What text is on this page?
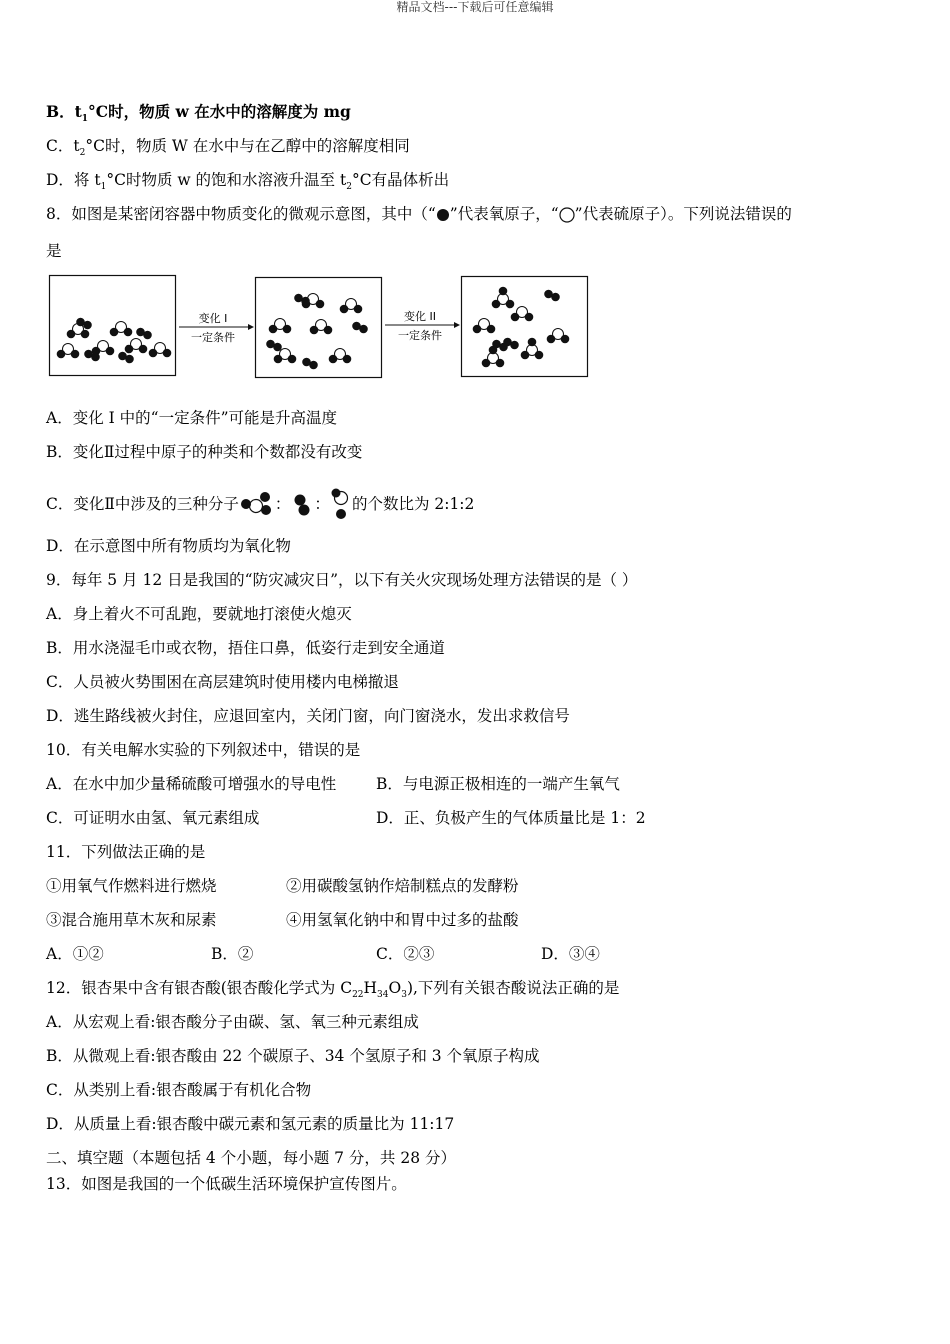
精品文档---下载后可任意编辑
B．$t_1^\circ C$时，物质 w 在水中的溶解度为 mg
C．$t_2^\circ C$时，物质 W 在水中与在乙醇中的溶解度相同
D．将 $t_1^\circ C$时物质 w 的饱和水溶液升温至 $t_2^\circ C$有晶体析出
8．如图是某密闭容器中物质变化的微观示意图，其中（“ ”代表氧原子，“ ”代表硫原子）。下列说法错误的
是
变化 I
一定条件
变化 II
一定条件
A．变化 I 中的“一定条件”可能是升高温度
B．变化Ⅱ过程中原子的种类和个数都没有改变
C．变化Ⅱ中涉及的三种分子 ： ： 的个数比为 2:1:2
D．在示意图中所有物质均为氧化物
9．每年 5 月 12 日是我国的“防灾减灾日”，以下有关火灾现场处理方法错误的是（ ）
A．身上着火不可乱跑，要就地打滚使火熄灭
B．用水浇湿毛巾或衣物，捂住口鼻，低姿行走到安全通道
C．人员被火势围困在高层建筑时使用楼内电梯撤退
D．逃生路线被火封住，应退回室内，关闭门窗，向门窗浇水，发出求救信号
10．有关电解水实验的下列叙述中，错误的是
A．在水中加少量稀硫酸可增强水的导电性	B．与电源正极相连的一端产生氧气
C．可证明水由氢、氧元素组成	D．正、负极产生的气体质量比是 1：2
11．下列做法正确的是
①用氧气作燃料进行燃烧	②用碳酸氢钠作焙制糕点的发酵粉
③混合施用草木灰和尿素	④用氢氧化钠中和胃中过多的盐酸
A．①②	B．②	C．②③	D．③④
12．银杏果中含有银杏酸(银杏酸化学式为 $C_{22}H_{34}O_3$),下列有关银杏酸说法正确的是
A．从宏观上看:银杏酸分子由碳、氢、氧三种元素组成
B．从微观上看:银杏酸由 22 个碳原子、34 个氢原子和 3 个氧原子构成
C．从类别上看:银杏酸属于有机化合物
D．从质量上看:银杏酸中碳元素和氢元素的质量比为 11:17
二、填空题（本题包括 4 个小题，每小题 7 分，共 28 分）
13．如图是我国的一个低碳生活环境保护宣传图片。
